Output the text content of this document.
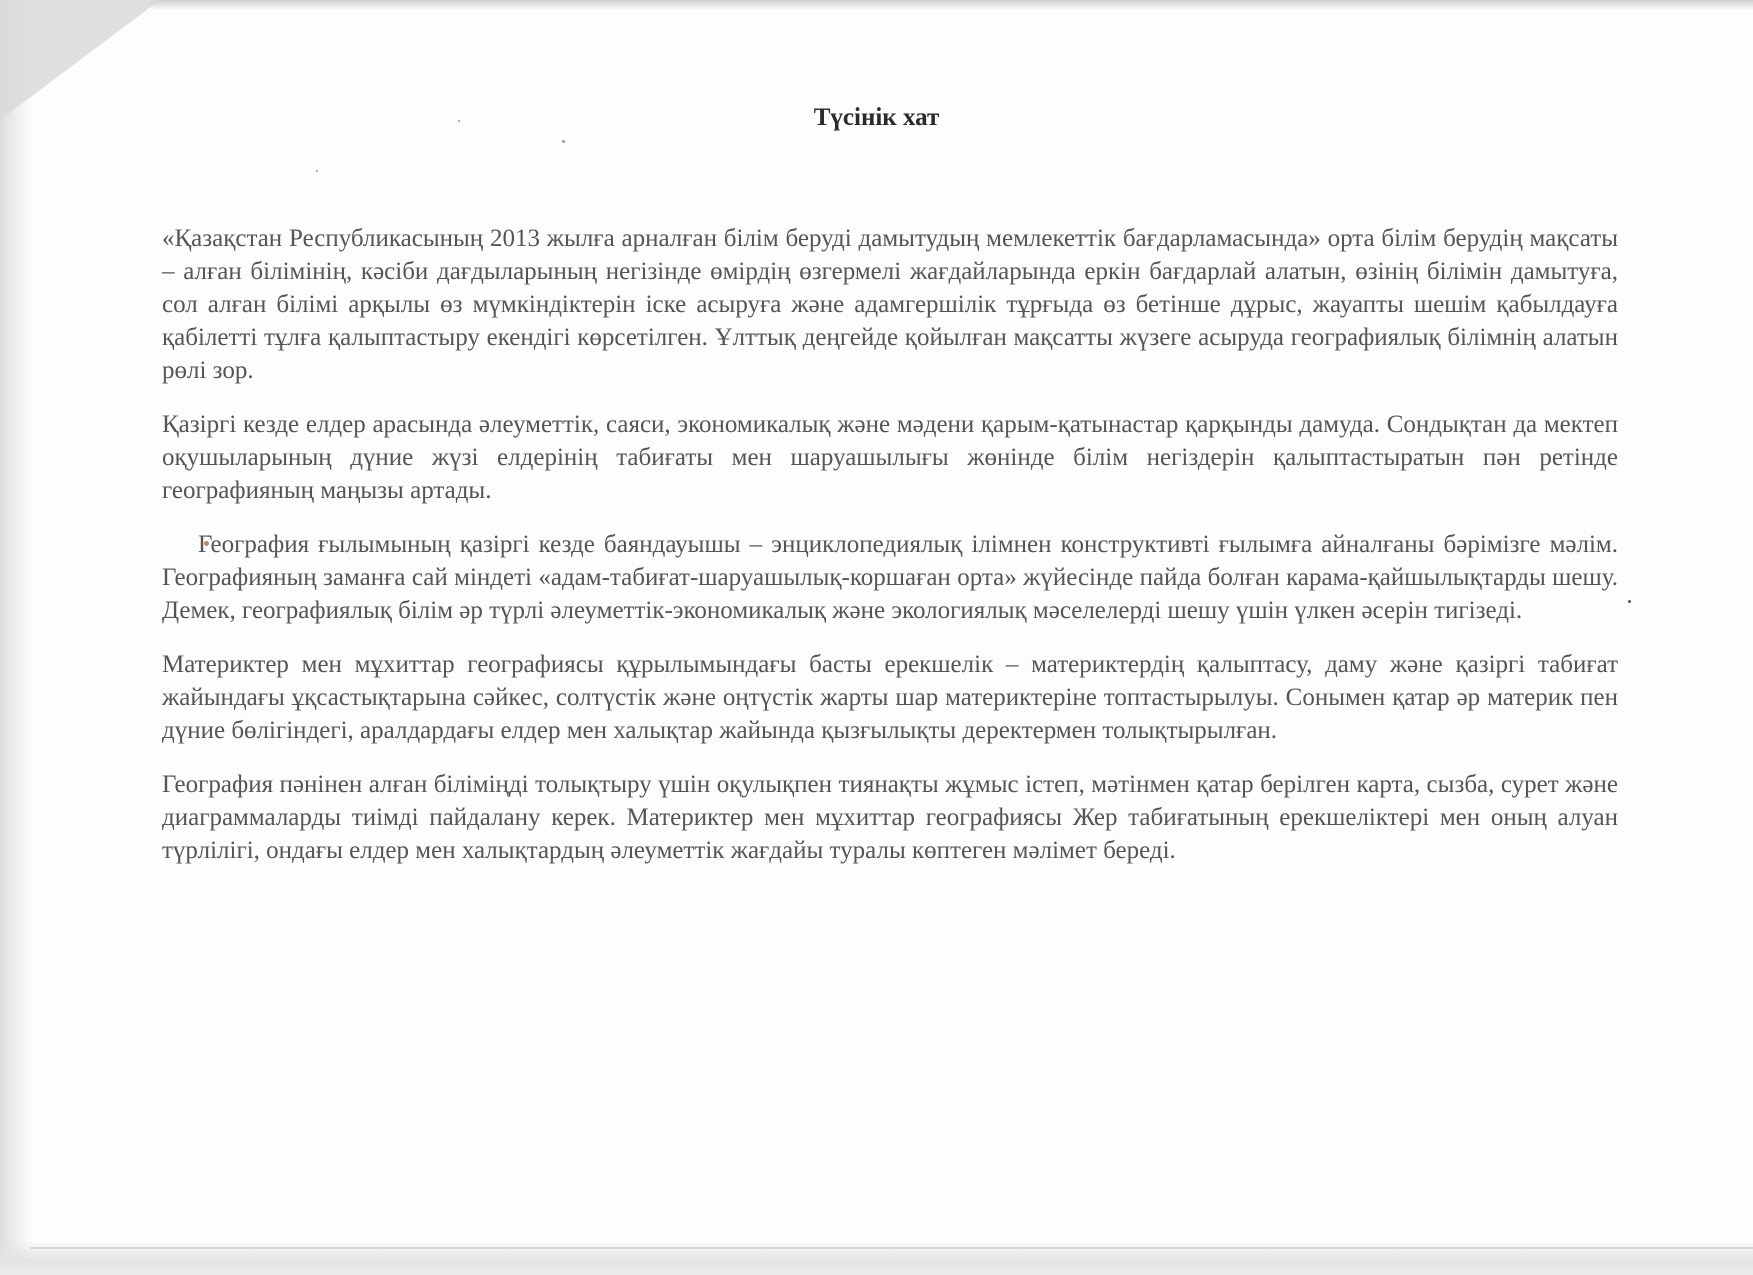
Түсінік хат

«Қазақстан Республикасының 2013 жылға арналған білім беруді дамытудың мемлекеттік бағдарламасында» орта білім берудің мақсаты – алған білімінің, кәсіби дағдыларының негізінде өмірдің өзгермелі жағдайларында еркін бағдарлай алатын, өзінің білімін дамытуға, сол алған білімі арқылы өз мүмкіндіктерін іске асыруға және адамгершілік тұрғыда өз бетінше дұрыс, жауапты шешім қабылдауға қабілетті тұлға қалыптастыру екендігі көрсетілген. Ұлттық деңгейде қойылған мақсатты жүзеге асыруда географиялық білімнің алатын рөлі зор.

Қазіргі кезде елдер арасында әлеуметтік, саяси, экономикалық және мәдени қарым-қатынастар қарқынды дамуда. Сондықтан да мектеп оқушыларының дүние жүзі елдерінің табиғаты мен шаруашылығы жөнінде білім негіздерін қалыптастыратын пән ретінде географияның маңызы артады.

География ғылымының қазіргі кезде баяндауышы – энциклопедиялық ілімнен конструктивті ғылымға айналғаны бәрімізге мәлім. Географияның заманға сай міндеті «адам-табиғат-шаруашылық-коршаған орта» жүйесінде пайда болған карама-қайшылықтарды шешу. Демек, географиялық білім әр түрлі әлеуметтік-экономикалық және экологиялық мәселелерді шешу үшін үлкен әсерін тигізеді.

Материктер мен мұхиттар географиясы құрылымындағы басты ерекшелік – материктердің қалыптасу, даму және қазіргі табиғат жайындағы ұқсастықтарына сәйкес, солтүстік және оңтүстік жарты шар материктеріне топтастырылуы. Сонымен қатар әр материк пен дүние бөлігіндегі, аралдардағы елдер мен халықтар жайында қызғылықты деректермен толықтырылған.

География пәнінен алған біліміңді толықтыру үшін оқулықпен тиянақты жұмыс істеп, мәтінмен қатар берілген карта, сызба, сурет және диаграммаларды тиімді пайдалану керек. Материктер мен мұхиттар географиясы Жер табиғатының ерекшеліктері мен оның алуан түрлілігі, ондағы елдер мен халықтардың әлеуметтік жағдайы туралы көптеген мәлімет береді.
